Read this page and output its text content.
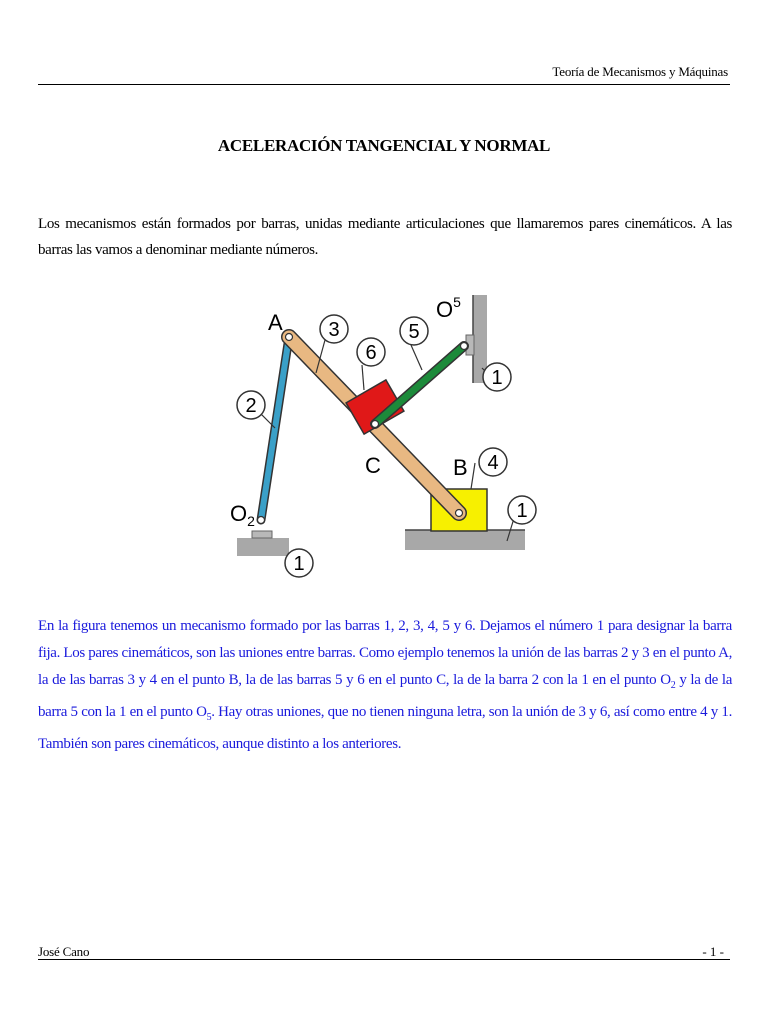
Teoría de Mecanismos y Máquinas
ACELERACIÓN TANGENCIAL Y NORMAL
Los mecanismos están formados por barras, unidas mediante articulaciones que llamaremos pares cinemáticos. A las barras las vamos a denominar mediante números.
A
C	B
$O_2$
$O^5$
3
6
5
2
1
4
1
1
En la figura tenemos un mecanismo formado por las barras 1, 2, 3, 4, 5 y 6. Dejamos el número 1 para designar la barra fija. Los pares cinemáticos, son las uniones entre barras. Como ejemplo tenemos la unión de las barras 2 y 3 en el punto A, la de las barras 3 y 4 en el punto B, la de las barras 5 y 6 en el punto C, la de la barra 2 con la 1 en el punto $O_2$ y la de la barra 5 con la 1 en el punto $O_5$. Hay otras uniones, que no tienen ninguna letra, son la unión de 3 y 6, así como entre 4 y 1. También son pares cinemáticos, aunque distinto a los anteriores.
José Cano	- 1 -
